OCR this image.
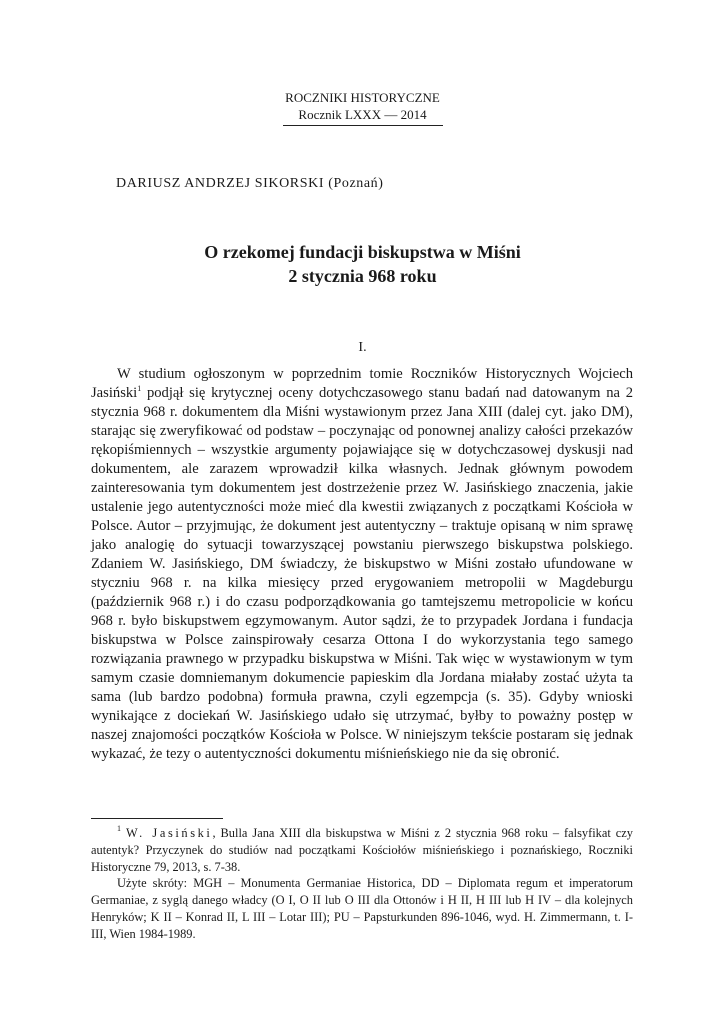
ROCZNIKI HISTORYCZNE
Rocznik LXXX — 2014
DARIUSZ ANDRZEJ SIKORSKI (Poznań)
O rzekomej fundacji biskupstwa w Miśni
2 stycznia 968 roku
I.

W studium ogłoszonym w poprzednim tomie Roczników Historycznych Wojciech Jasiński$^1$ podjął się krytycznej oceny dotychczasowego stanu badań nad datowanym na 2 stycznia 968 r. dokumentem dla Miśni wystawionym przez Jana XIII (dalej cyt. jako DM), starając się zweryfikować od podstaw – poczynając od ponownej analizy całości przekazów rękopiśmiennych – wszystkie argumenty pojawiające się w dotychczasowej dyskusji nad dokumentem, ale zarazem wprowadził kilka własnych. Jednak głównym powodem zainteresowania tym dokumentem jest dostrzeżenie przez W. Jasińskiego znaczenia, jakie ustalenie jego autentyczności może mieć dla kwestii związanych z początkami Kościoła w Polsce. Autor – przyjmując, że dokument jest autentyczny – traktuje opisaną w nim sprawę jako analogię do sytuacji towarzyszącej powstaniu pierwszego biskupstwa polskiego. Zdaniem W. Jasińskiego, DM świadczy, że biskupstwo w Miśni zostało ufundowane w styczniu 968 r. na kilka miesięcy przed erygowaniem metropolii w Magdeburgu (październik 968 r.) i do czasu podporządkowania go tamtejszemu metropolicie w końcu 968 r. było biskupstwem egzymowanym. Autor sądzi, że to przypadek Jordana i fundacja biskupstwa w Polsce zainspirowały cesarza Ottona I do wykorzystania tego samego rozwiązania prawnego w przypadku biskupstwa w Miśni. Tak więc w wystawionym w tym samym czasie domniemanym dokumencie papieskim dla Jordana miałaby zostać użyta ta sama (lub bardzo podobna) formuła prawna, czyli egzempcja (s. 35). Gdyby wnioski wynikające z dociekań W. Jasińskiego udało się utrzymać, byłby to poważny postęp w naszej znajomości początków Kościoła w Polsce. W niniejszym tekście postaram się jednak wykazać, że tezy o autentyczności dokumentu miśnieńskiego nie da się obronić.

$^1$ W. Jasiński, Bulla Jana XIII dla biskupstwa w Miśni z 2 stycznia 968 roku – falsyfikat czy autentyk? Przyczynek do studiów nad początkami Kościołów miśnieńskiego i poznańskiego, Roczniki Historyczne 79, 2013, s. 7-38.

Użyte skróty: MGH – Monumenta Germaniae Historica, DD – Diplomata regum et imperatorum Germaniae, z syglą danego władcy (O I, O II lub O III dla Ottonów i H II, H III lub H IV – dla kolejnych Henryków; K II – Konrad II, L III – Lotar III); PU – Papsturkunden 896-1046, wyd. H. Zimmermann, t. I-III, Wien 1984-1989.
